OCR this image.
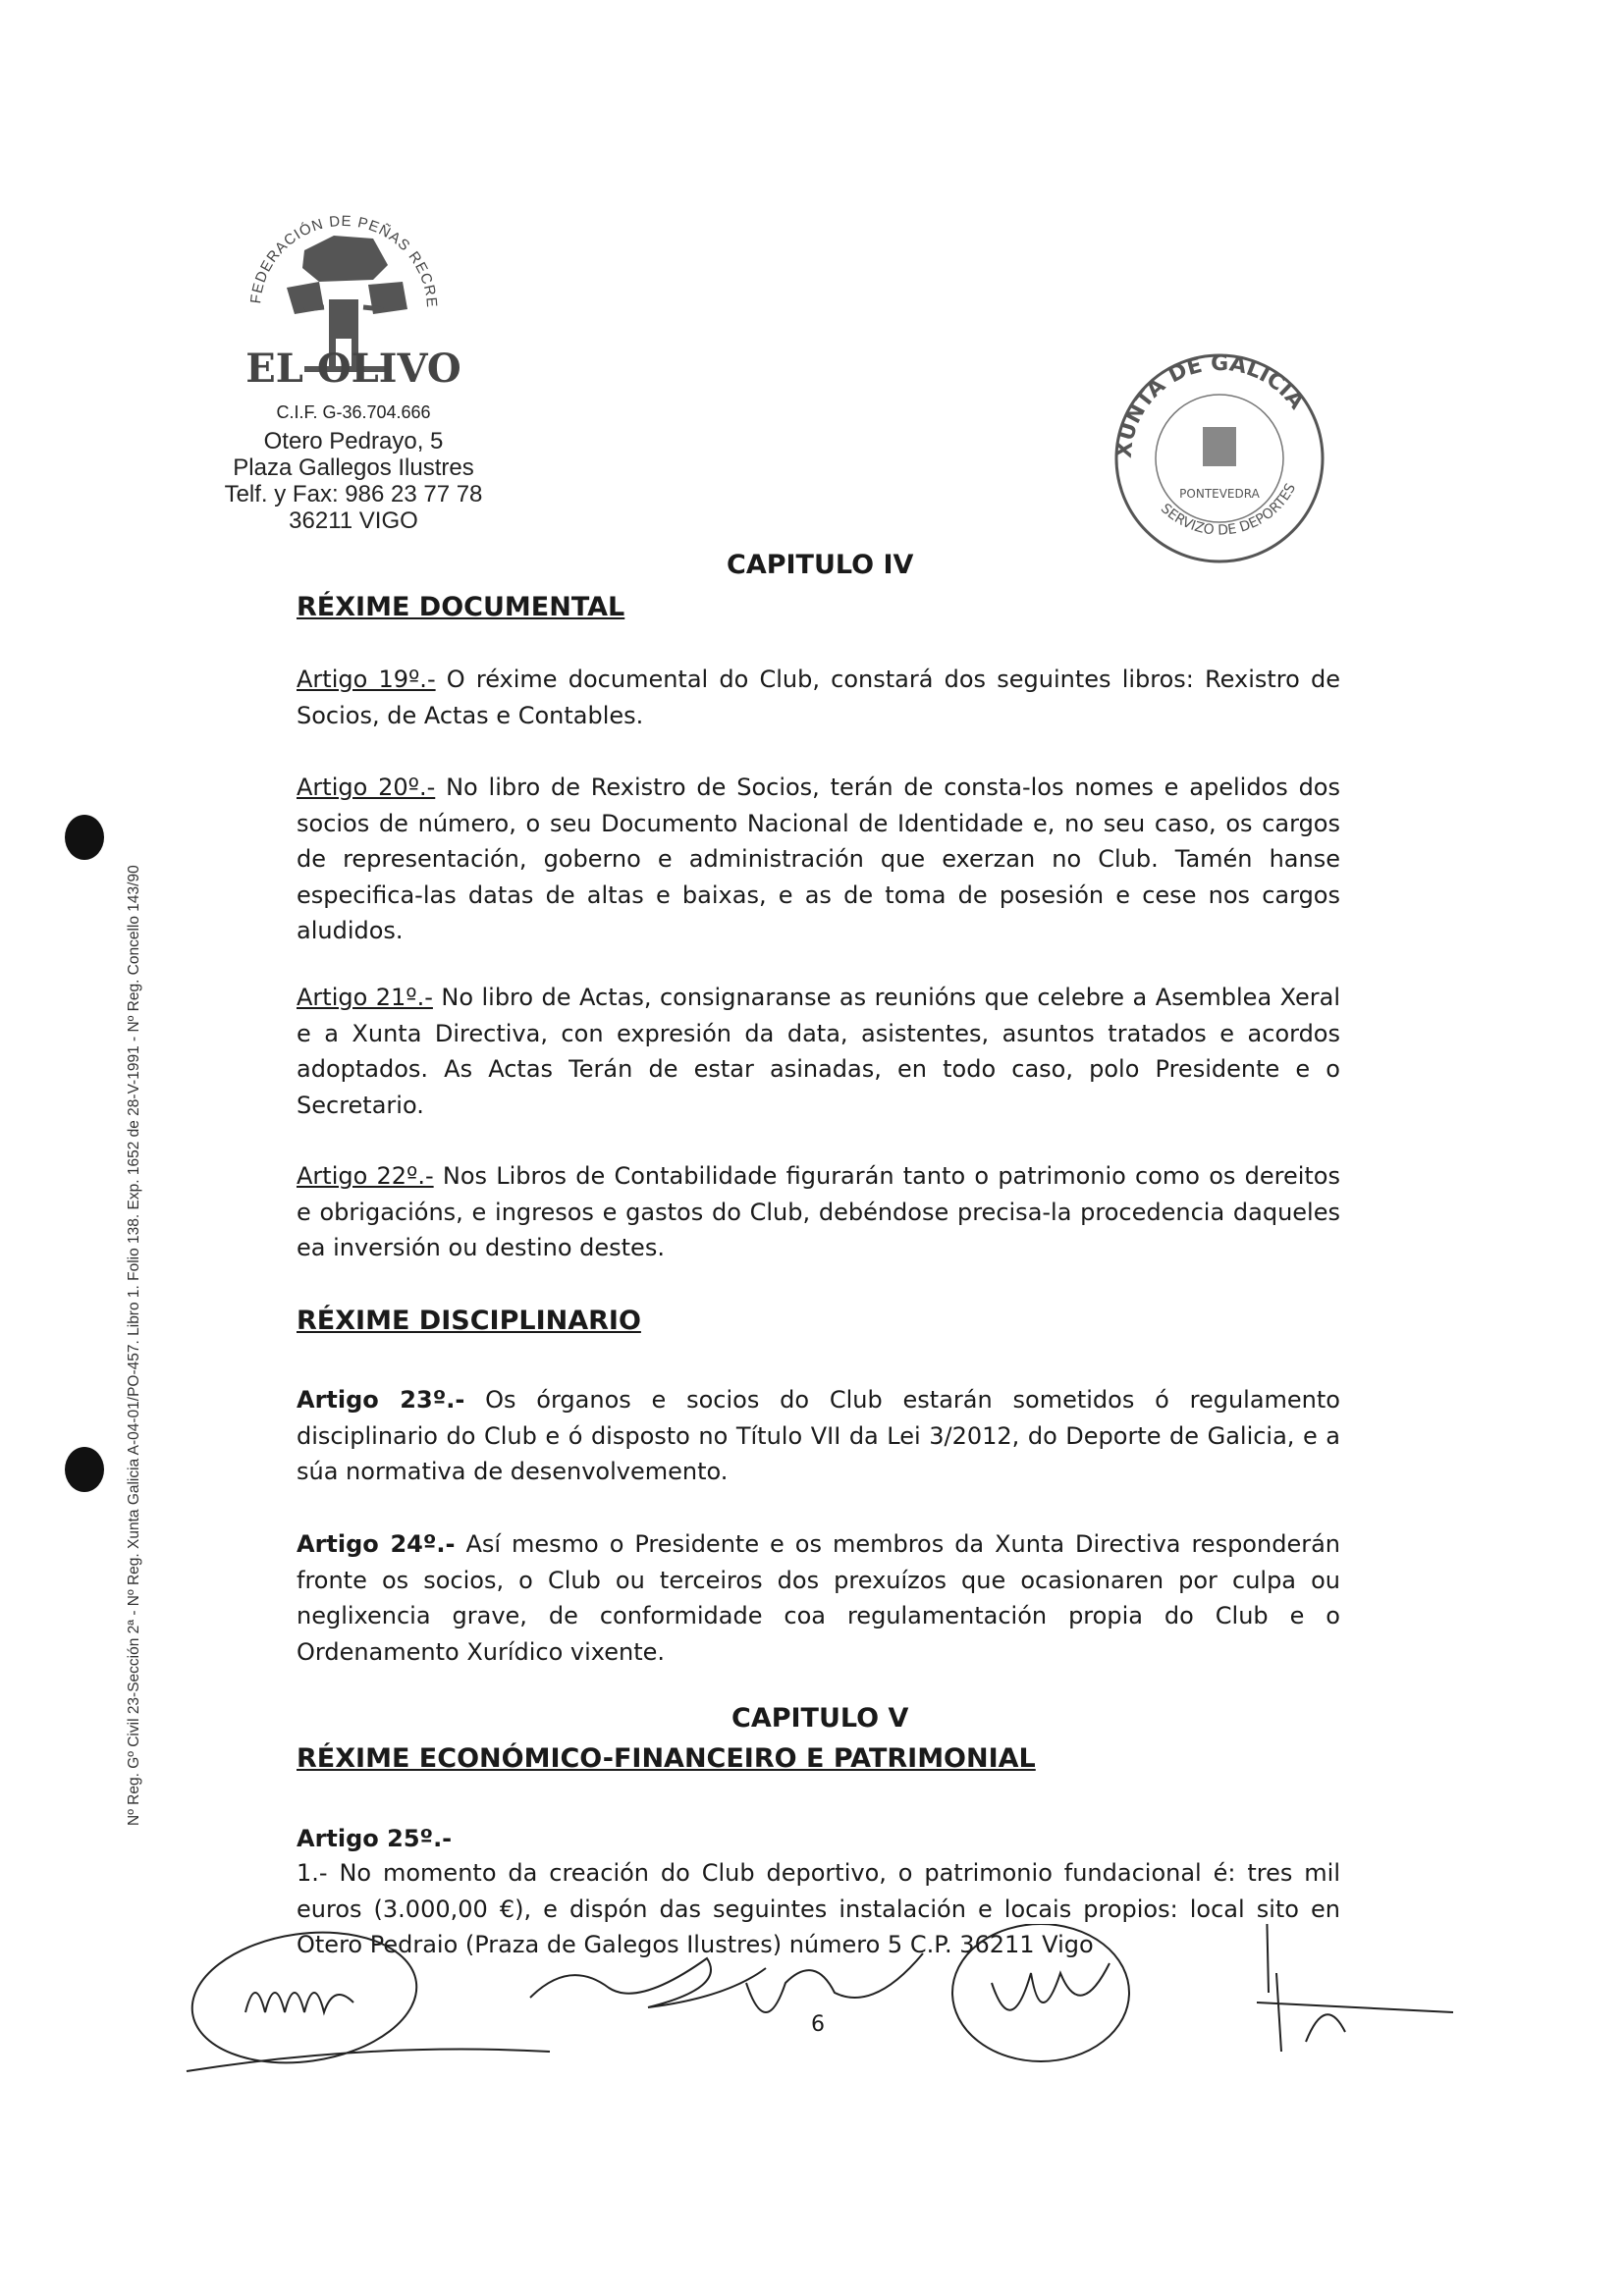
FEDERACIÓN DE PEÑAS RECRE
EL OLIVO
C.I.F. G-36.704.666
Otero Pedrayo, 5
Plaza Gallegos Ilustres
Telf. y Fax: 986 23 77 78
36211 VIGO
XUNTA DE GALICIA
SERVIZO DE DEPORTES
PONTEVEDRA
Nº Reg. Gº Civil 23-Sección 2ª - Nº Reg. Xunta Galicia A-04-01/PO-457. Libro 1. Folio 138. Exp. 1652 de 28-V-1991 - Nº Reg. Concello 143/90
CAPITULO IV
RÉXIME DOCUMENTAL
Artigo 19º.- O réxime documental do Club, constará dos seguintes libros: Rexistro de Socios, de Actas e Contables.
Artigo 20º.- No libro de Rexistro de Socios, terán de consta-los nomes e apelidos dos socios de número, o seu Documento Nacional de Identidade e, no seu caso, os cargos de representación, goberno e administración que exerzan no Club. Tamén hanse especifica-las datas de altas e baixas, e as de toma de posesión e cese nos cargos aludidos.
Artigo 21º.- No libro de Actas, consignaranse as reunións que celebre a Asemblea Xeral e a Xunta Directiva, con expresión da data, asistentes, asuntos tratados e acordos adoptados. As Actas Terán de estar asinadas, en todo caso, polo Presidente e o Secretario.
Artigo 22º.- Nos Libros de Contabilidade figurarán tanto o patrimonio como os dereitos e obrigacións, e ingresos e gastos do Club, debéndose precisa-la procedencia daqueles ea inversión ou destino destes.
RÉXIME DISCIPLINARIO
Artigo 23º.- Os órganos e socios do Club estarán sometidos ó regulamento disciplinario do Club e ó disposto no Título VII da Lei 3/2012, do Deporte de Galicia, e a súa normativa de desenvolvemento.
Artigo 24º.- Así mesmo o Presidente e os membros da Xunta Directiva responderán fronte os socios, o Club ou terceiros dos prexuízos que ocasionaren por culpa ou neglixencia grave, de conformidade coa regulamentación propia do Club e o Ordenamento Xurídico vixente.
CAPITULO V
RÉXIME ECONÓMICO-FINANCEIRO E PATRIMONIAL
Artigo 25º.-
1.- No momento da creación do Club deportivo, o patrimonio fundacional é: tres mil euros (3.000,00 €), e dispón das seguintes instalación e locais propios: local sito en Otero Pedraio (Praza de Galegos Ilustres) número 5 C.P. 36211 Vigo
6
